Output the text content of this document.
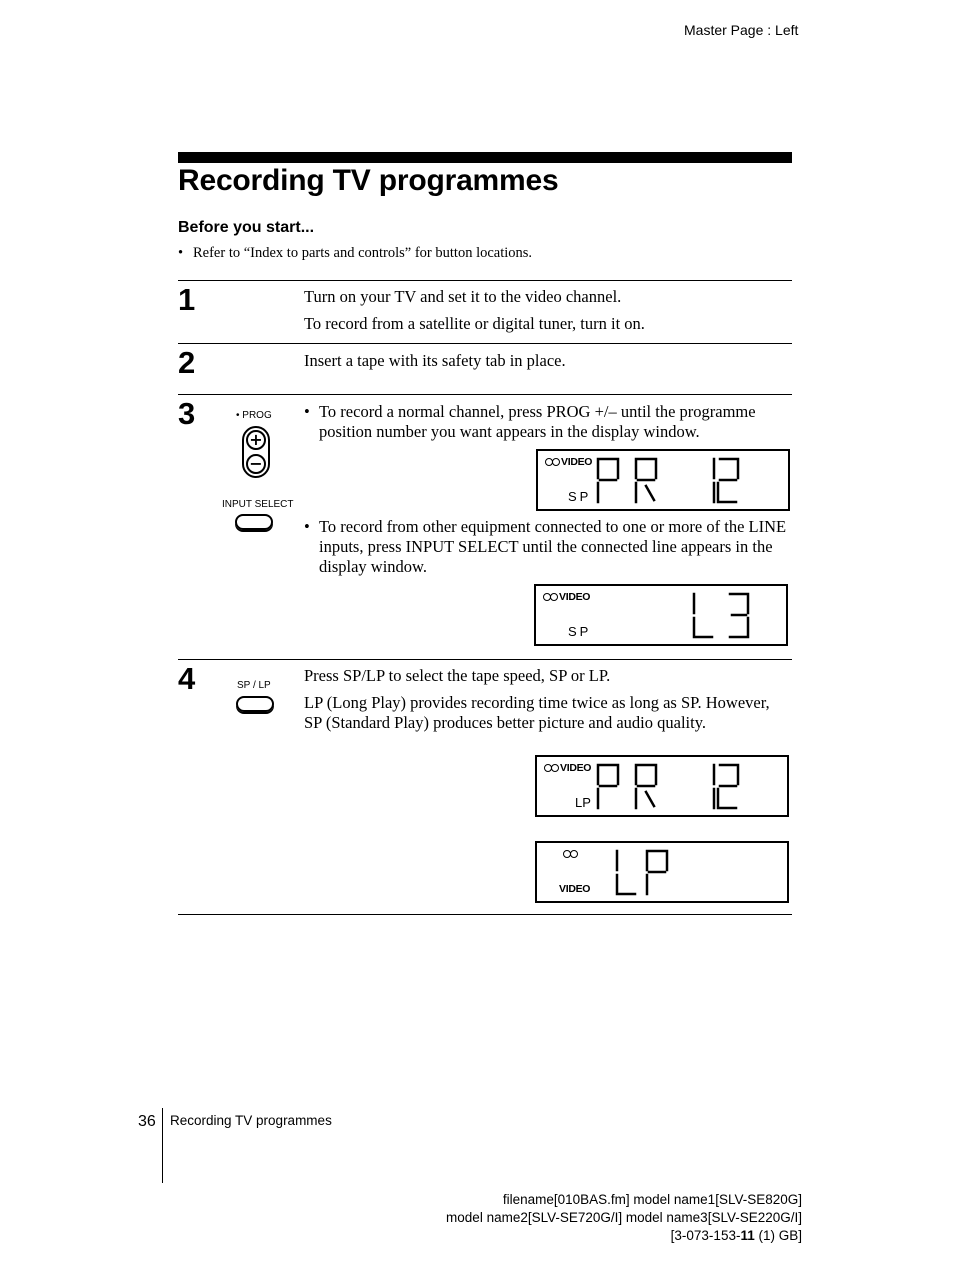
Master Page : Left
Recording TV programmes
Before you start...
• Refer to “Index to parts and controls” for button locations.
1	Turn on your TV and set it to the video channel.
To record from a satellite or digital tuner, turn it on.
2	Insert a tape with its safety tab in place.
3	• PROG
+
−
INPUT SELECT
• To record a normal channel, press PROG +/– until the programme position number you want appears in the display window.
VIDEO
SP
• To record from other equipment connected to one or more of the LINE inputs, press INPUT SELECT until the connected line appears in the display window.
VIDEO
SP
4	SP / LP
Press SP/LP to select the tape speed, SP or LP.
LP (Long Play) provides recording time twice as long as SP. However, SP (Standard Play) produces better picture and audio quality.
VIDEO
LP
VIDEO
36 Recording TV programmes
filename[010BAS.fm] model name1[SLV-SE820G]
model name2[SLV-SE720G/I] model name3[SLV-SE220G/I]
[3-073-153-11 (1) GB]
